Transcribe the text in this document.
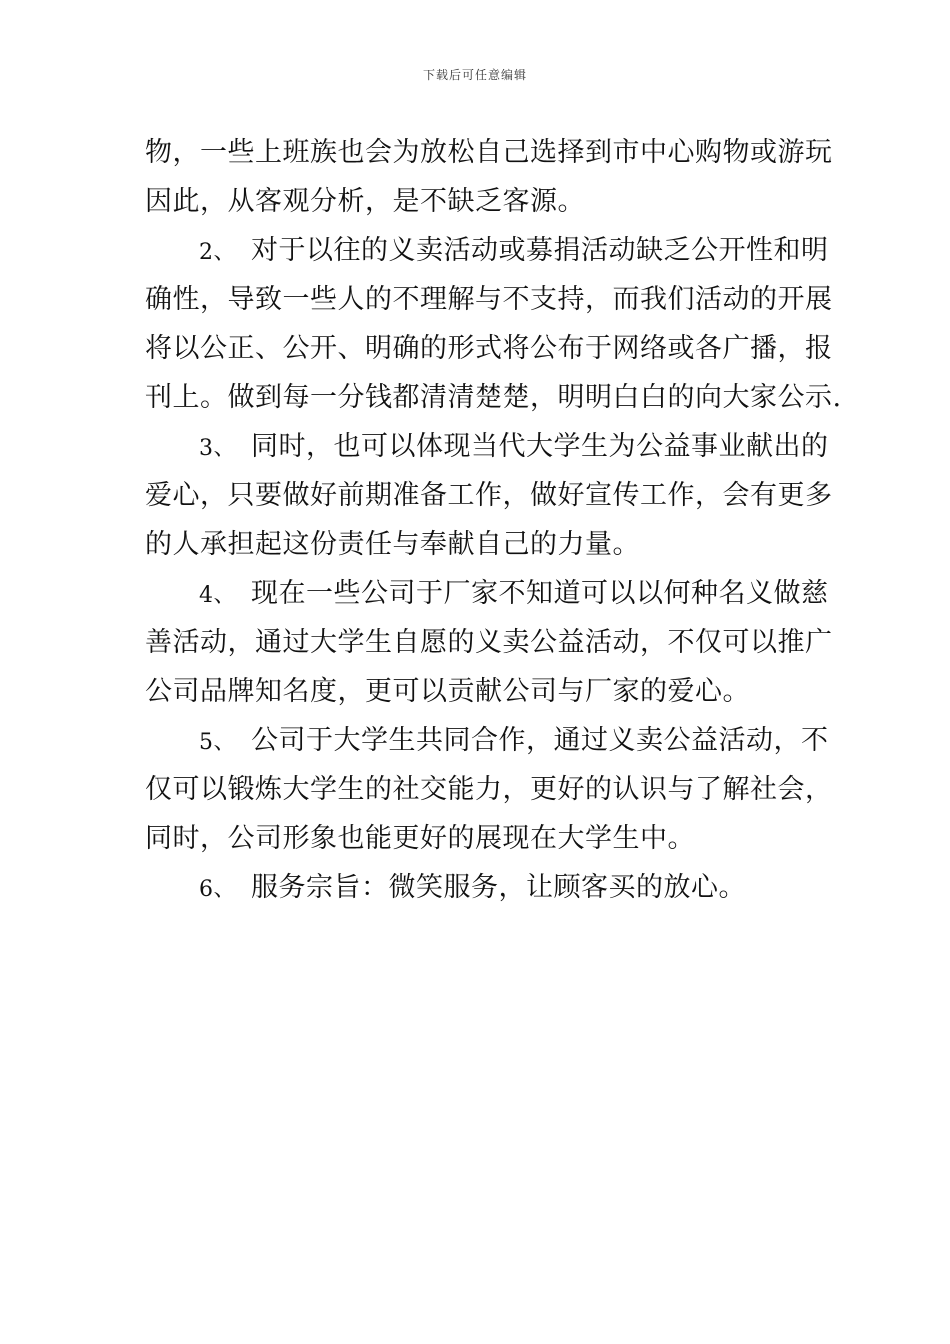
下载后可任意编辑
物，一些上班族也会为放松自己选择到市中心购物或游玩
因此，从客观分析，是不缺乏客源。
2、 对于以往的义卖活动或募捐活动缺乏公开性和明
确性，导致一些人的不理解与不支持，而我们活动的开展
将以公正、公开、明确的形式将公布于网络或各广播，报
刊上。做到每一分钱都清清楚楚，明明白白的向大家公示.
3、 同时，也可以体现当代大学生为公益事业献出的
爱心，只要做好前期准备工作，做好宣传工作，会有更多
的人承担起这份责任与奉献自己的力量。
4、 现在一些公司于厂家不知道可以以何种名义做慈
善活动，通过大学生自愿的义卖公益活动，不仅可以推广
公司品牌知名度，更可以贡献公司与厂家的爱心。
5、 公司于大学生共同合作，通过义卖公益活动，不
仅可以锻炼大学生的社交能力，更好的认识与了解社会，
同时，公司形象也能更好的展现在大学生中。
6、 服务宗旨：微笑服务，让顾客买的放心。
